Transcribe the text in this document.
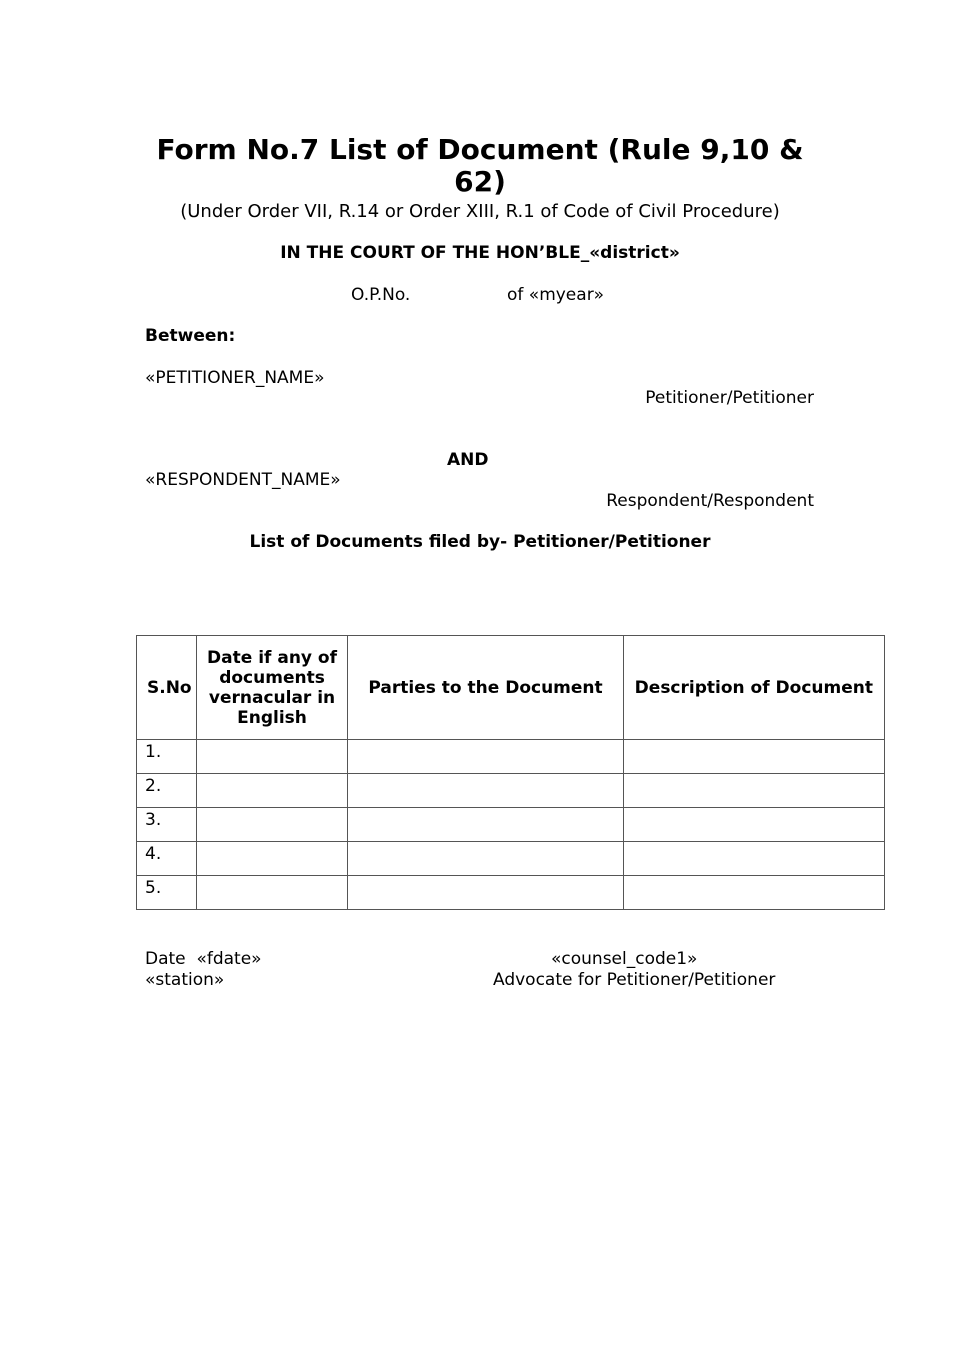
Form No.7 List of Document (Rule 9,10 & 62)

(Under Order VII, R.14 or Order XIII, R.1 of Code of Civil Procedure)

IN THE COURT OF THE HON’BLE_«district»

O.P.No.	of «myear»
Between:
«PETITIONER_NAME»
Petitioner/Petitioner
AND
«RESPONDENT_NAME»
Respondent/Respondent

List of Documents filed by- Petitioner/Petitioner

S.No	Date if any of documents vernacular in English	Parties to the Document	Description of Document
1.			
2.			
3.			
4.			
5.			
Date  «fdate»
«station»
«counsel_code1»
Advocate for Petitioner/Petitioner
